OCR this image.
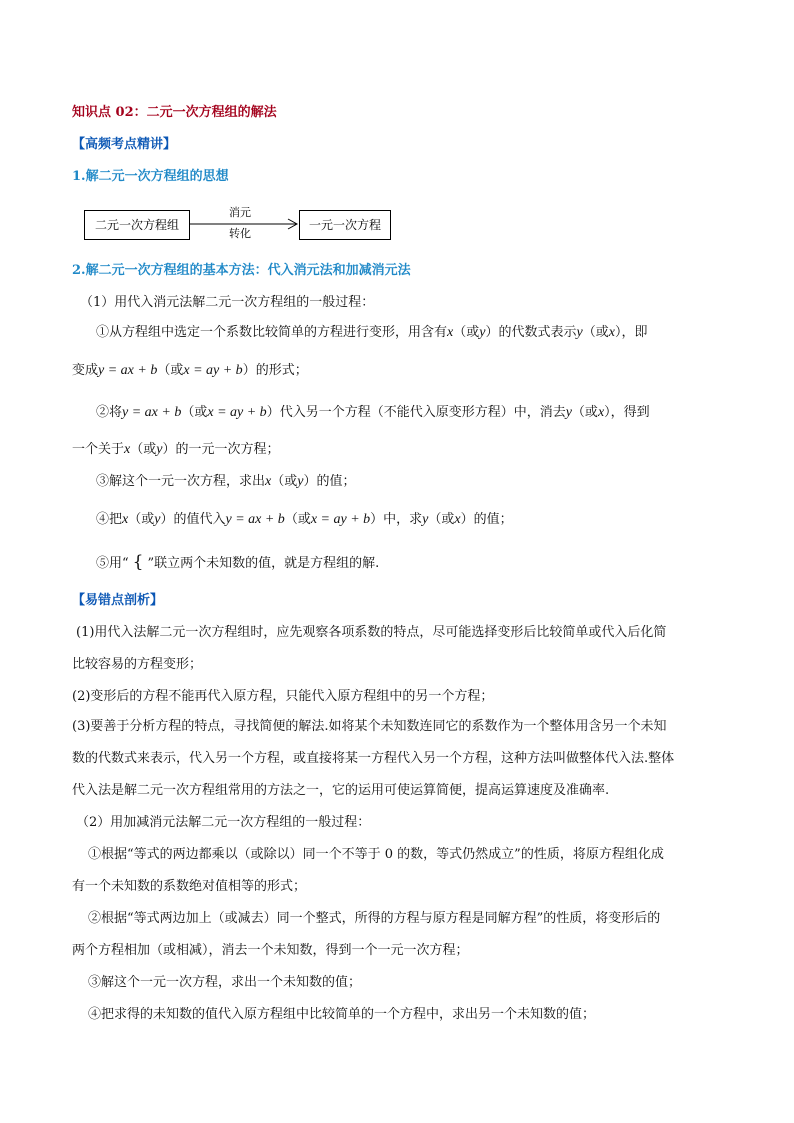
知识点 02：二元一次方程组的解法
【高频考点精讲】
1.解二元一次方程组的思想
二元一次方程组
消元
转化
一元一次方程
2.解二元一次方程组的基本方法：代入消元法和加减消元法
（1）用代入消元法解二元一次方程组的一般过程：
①从方程组中选定一个系数比较简单的方程进行变形，用含有x（或y）的代数式表示y（或x），即
变成y = ax + b（或x = ay + b）的形式；
②将y = ax + b（或x = ay + b）代入另一个方程（不能代入原变形方程）中，消去y（或x），得到
一个关于x（或y）的一元一次方程；
③解这个一元一次方程，求出x（或y）的值；
④把x（或y）的值代入y = ax + b（或x = ay + b）中，求y（或x）的值；
⑤用“ { ”联立两个未知数的值，就是方程组的解.
【易错点剖析】
(1)用代入法解二元一次方程组时，应先观察各项系数的特点，尽可能选择变形后比较简单或代入后化简
比较容易的方程变形；
(2)变形后的方程不能再代入原方程，只能代入原方程组中的另一个方程；
(3)要善于分析方程的特点，寻找简便的解法.如将某个未知数连同它的系数作为一个整体用含另一个未知
数的代数式来表示，代入另一个方程，或直接将某一方程代入另一个方程，这种方法叫做整体代入法.整体
代入法是解二元一次方程组常用的方法之一，它的运用可使运算简便，提高运算速度及准确率.
（2）用加减消元法解二元一次方程组的一般过程：
①根据“等式的两边都乘以（或除以）同一个不等于 0 的数，等式仍然成立”的性质，将原方程组化成
有一个未知数的系数绝对值相等的形式；
②根据“等式两边加上（或减去）同一个整式，所得的方程与原方程是同解方程”的性质，将变形后的
两个方程相加（或相减），消去一个未知数，得到一个一元一次方程；
③解这个一元一次方程，求出一个未知数的值；
④把求得的未知数的值代入原方程组中比较简单的一个方程中，求出另一个未知数的值；
